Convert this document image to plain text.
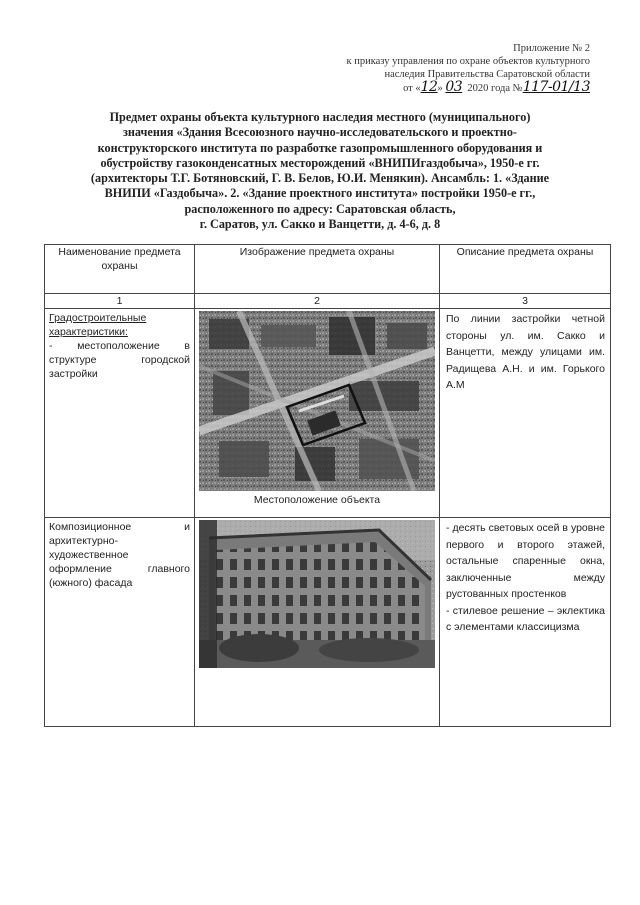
Приложение № 2
к приказу управления по охране объектов культурного
наследия Правительства Саратовской области
от «12» 03 2020 года №117-01/13
Предмет охраны объекта культурного наследия местного (муниципального)
значения «Здания Всесоюзного научно-исследовательского и проектно-
конструкторского института по разработке газопромышленного оборудования и
обустройству газоконденсатных месторождений «ВНИПИгаздобыча», 1950-е гг.
(архитекторы Т.Г. Ботяновский, Г. В. Белов, Ю.И. Менякин). Ансамбль: 1. «Здание
ВНИПИ «Газдобыча». 2. «Здание проектного института» постройки 1950-е гг.,
расположенного по адресу: Саратовская область,
г. Саратов, ул. Сакко и Ванцетти, д. 4-6, д. 8
Наименование предмета охраны	Изображение предмета охраны	Описание предмета охраны
1	2	3
Градостроительные характеристики:
- местоположение в структуре городской застройки	Местоположение объекта	По линии застройки четной стороны ул. им. Сакко и Ванцетти, между улицами им. Радищева А.Н. и им. Горького А.М
Композиционное и архитектурно-художественное оформление главного (южного) фасада		- десять световых осей в уровне первого и второго этажей, остальные спаренные окна, заключенные между рустованных простенков
- стилевое решение – эклектика с элементами классицизма
